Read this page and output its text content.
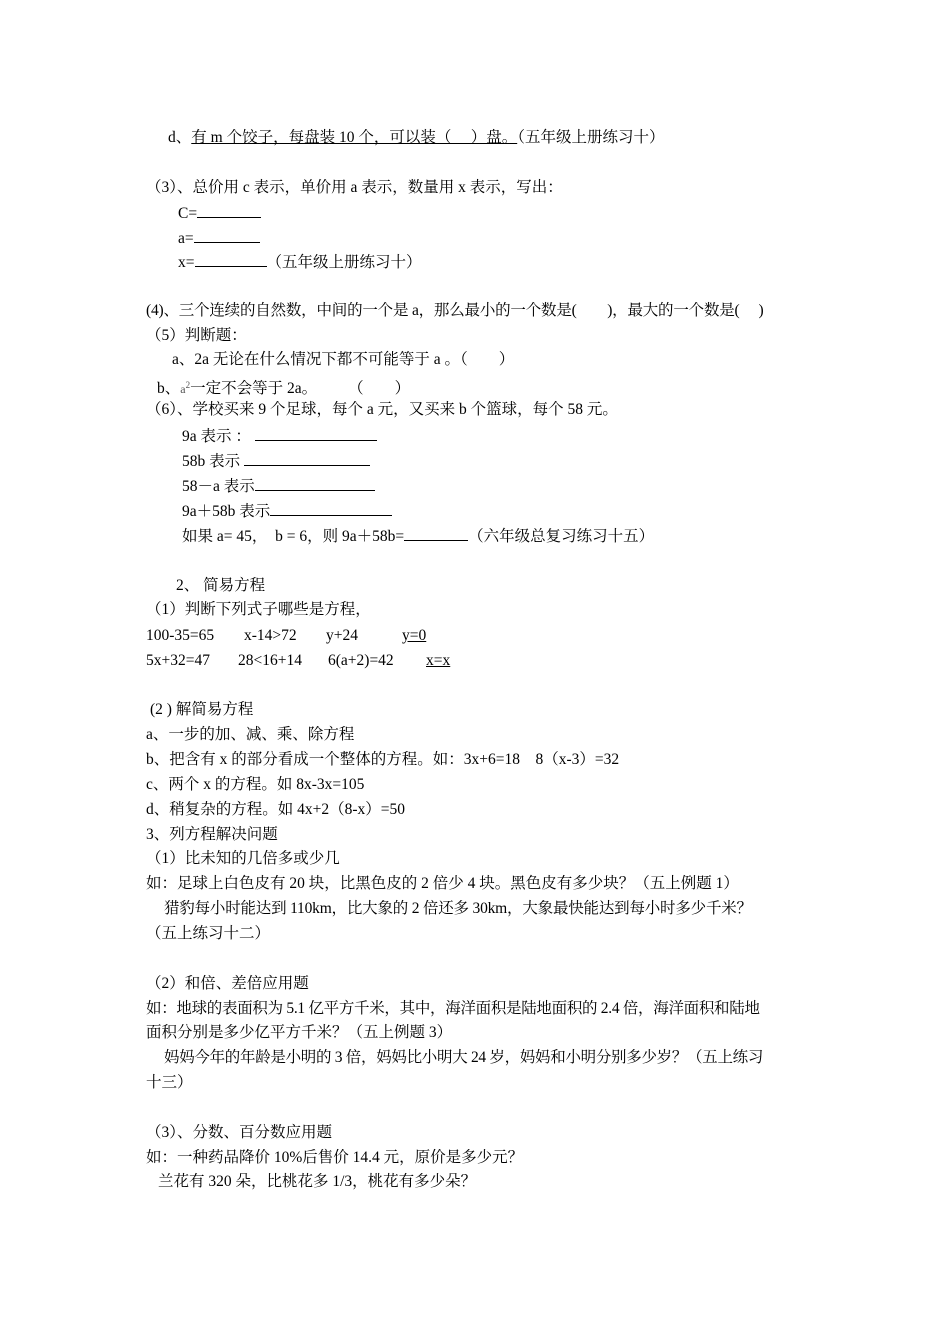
d、有 m 个饺子，每盘装 10 个，可以装（　 ）盘。（五年级上册练习十）
（3）、总价用 c 表示，单价用 a 表示，数量用 x 表示，写出：
C=
a=
x=	（五年级上册练习十）
(4)、三个连续的自然数，中间的一个是 a，那么最小的一个数是(　　)，最大的一个数是(　 )
（5）判断题：
a、2a 无论在什么情况下都不可能等于 a 。（　　）
b、$a^2$一定不会等于 2a。　　　（　　）
（6）、学校买来 9 个足球，每个 a 元，又买来 b 个篮球，每个 58 元。
9a 表示 ：
58b 表示
58－a 表示
9a＋58b 表示
如果 a= 45，　b = 6，则 9a＋58b=	（六年级总复习练习十五）
2、 简易方程
（1）判断下列式子哪些是方程，
100-35=65 x-14>72 y+24	y=0
5x+32=47 28<16+14 6(a+2)=42 x=x
(2 ) 解简易方程
a、一步的加、减、乘、除方程
b、把含有 x 的部分看成一个整体的方程。如：3x+6=18　8（x-3）=32
c、两个 x 的方程。如 8x-3x=105
d、稍复杂的方程。如 4x+2（8-x）=50
3、列方程解决问题
（1）比未知的几倍多或少几
如：足球上白色皮有 20 块，比黑色皮的 2 倍少 4 块。黑色皮有多少块？（五上例题 1）
猎豹每小时能达到 110km，比大象的 2 倍还多 30km，大象最快能达到每小时多少千米？
（五上练习十二）
（2）和倍、差倍应用题
如：地球的表面积为 5.1 亿平方千米，其中，海洋面积是陆地面积的 2.4 倍，海洋面积和陆地
面积分别是多少亿平方千米？（五上例题 3）
妈妈今年的年龄是小明的 3 倍，妈妈比小明大 24 岁，妈妈和小明分别多少岁？（五上练习
十三）
（3）、分数、百分数应用题
如：一种药品降价 10%后售价 14.4 元，原价是多少元？
兰花有 320 朵，比桃花多 1/3，桃花有多少朵？
